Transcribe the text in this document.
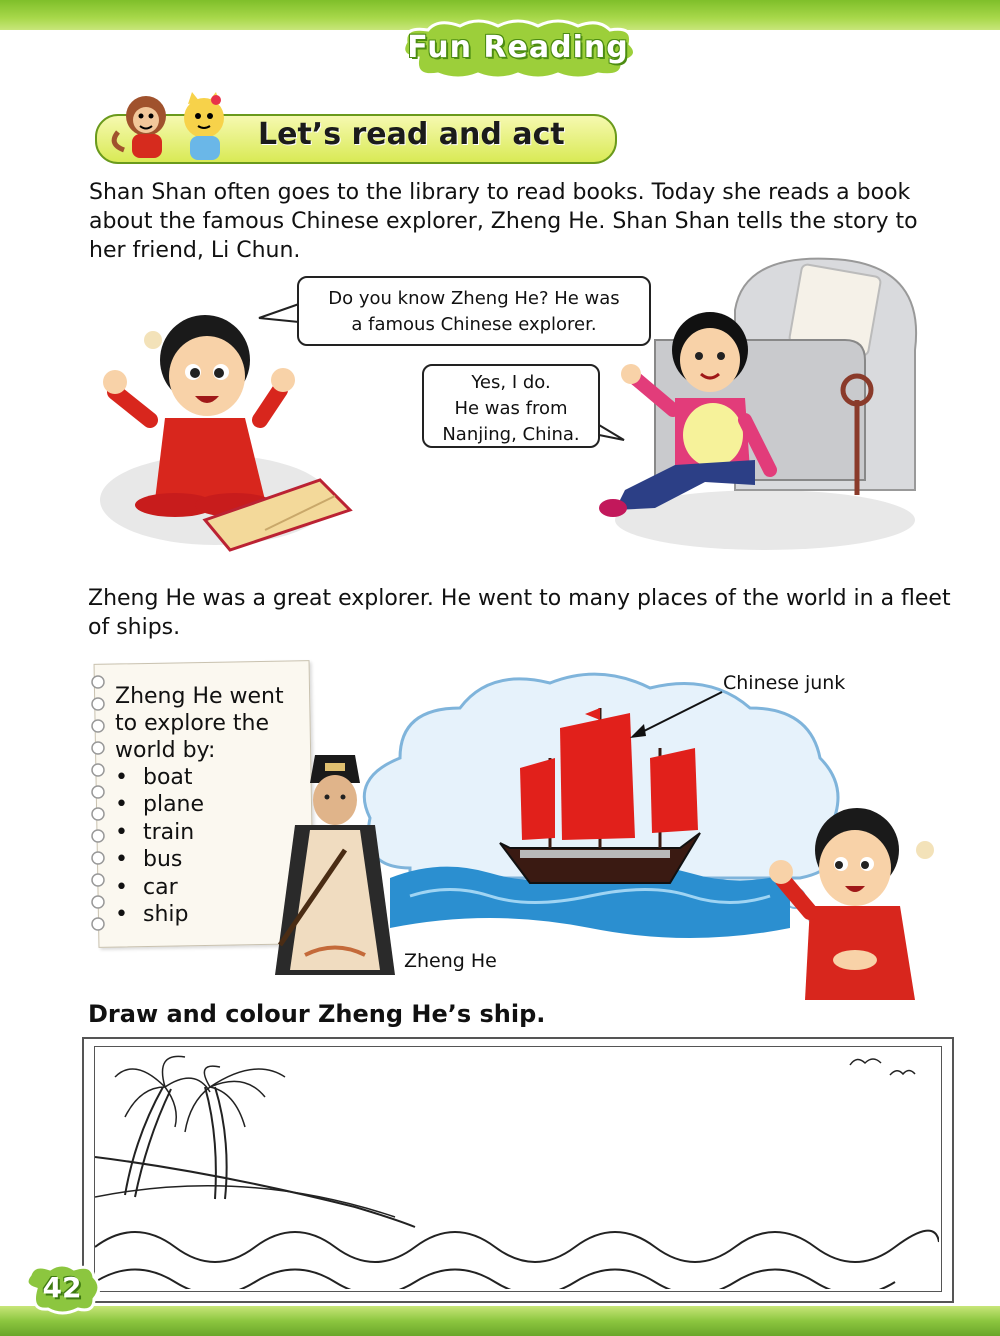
Fun Reading
Let’s read and act
Shan Shan often goes to the library to read books. Today she reads a book about the famous Chinese explorer, Zheng He. Shan Shan tells the story to her friend, Li Chun.
Do you know Zheng He? He was
a famous Chinese explorer.
Yes, I do.
He was from
Nanjing, China.
Zheng He was a great explorer. He went to many places of the world in a fleet of ships.
Zheng He went
to explore the
world by:
• boat
• plane
• train
• bus
• car
• ship
Chinese junk
Zheng He
Draw and colour Zheng He’s ship.
42
